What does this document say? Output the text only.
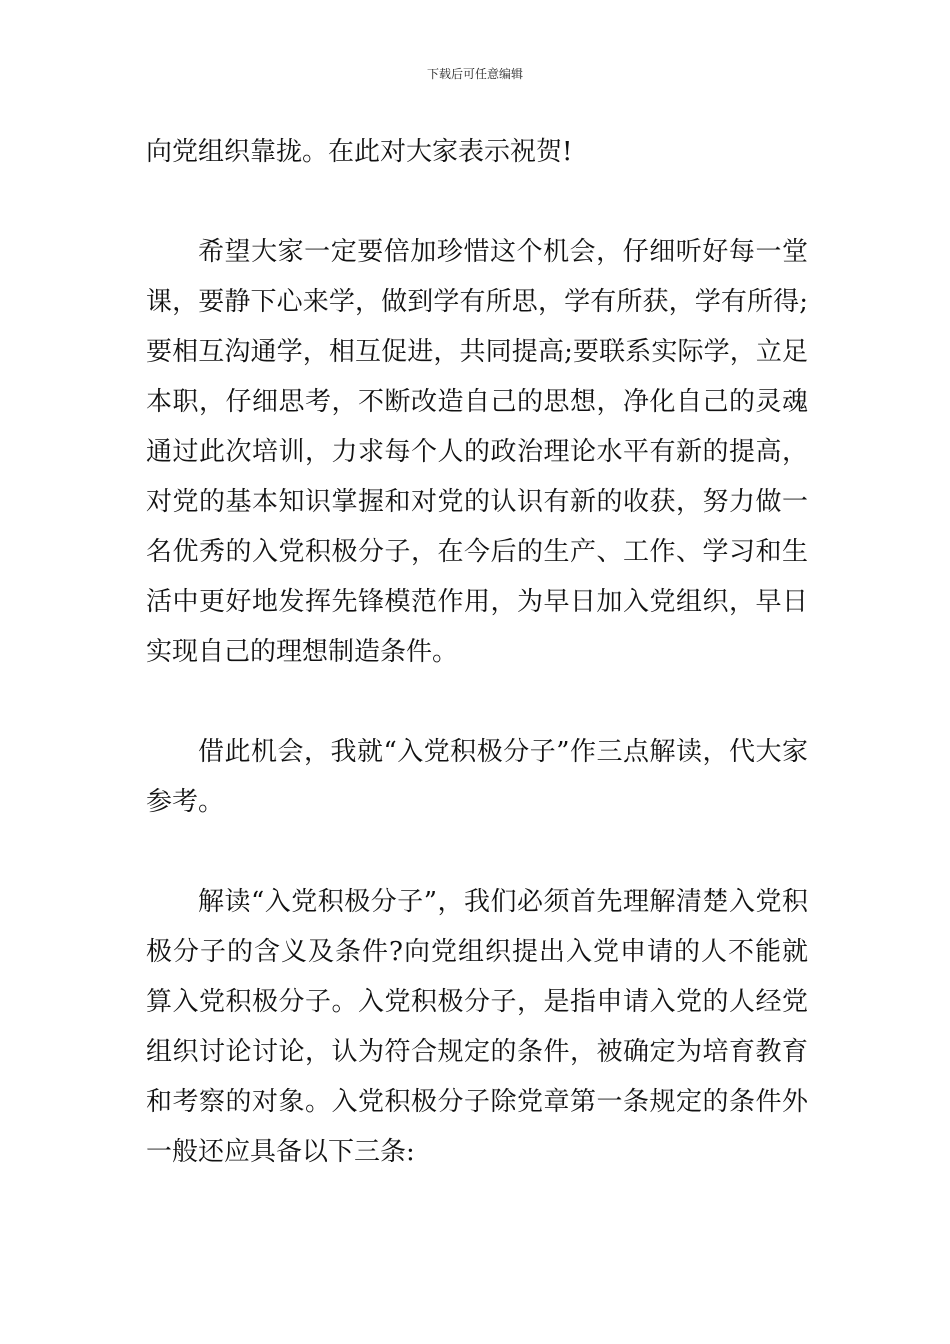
下载后可任意编辑

向党组织靠拢。在此对大家表示祝贺!

希望大家一定要倍加珍惜这个机会，仔细听好每一堂课，要静下心来学，做到学有所思，学有所获，学有所得;要相互沟通学，相互促进，共同提高;要联系实际学，立足本职，仔细思考，不断改造自己的思想，净化自己的灵魂通过此次培训，力求每个人的政治理论水平有新的提高，对党的基本知识掌握和对党的认识有新的收获，努力做一名优秀的入党积极分子，在今后的生产、工作、学习和生活中更好地发挥先锋模范作用，为早日加入党组织，早日实现自己的理想制造条件。

借此机会，我就“入党积极分子”作三点解读，代大家参考。

解读“入党积极分子”，我们必须首先理解清楚入党积极分子的含义及条件?向党组织提出入党申请的人不能就算入党积极分子。入党积极分子，是指申请入党的人经党组织讨论讨论，认为符合规定的条件，被确定为培育教育和考察的对象。入党积极分子除党章第一条规定的条件外一般还应具备以下三条:
